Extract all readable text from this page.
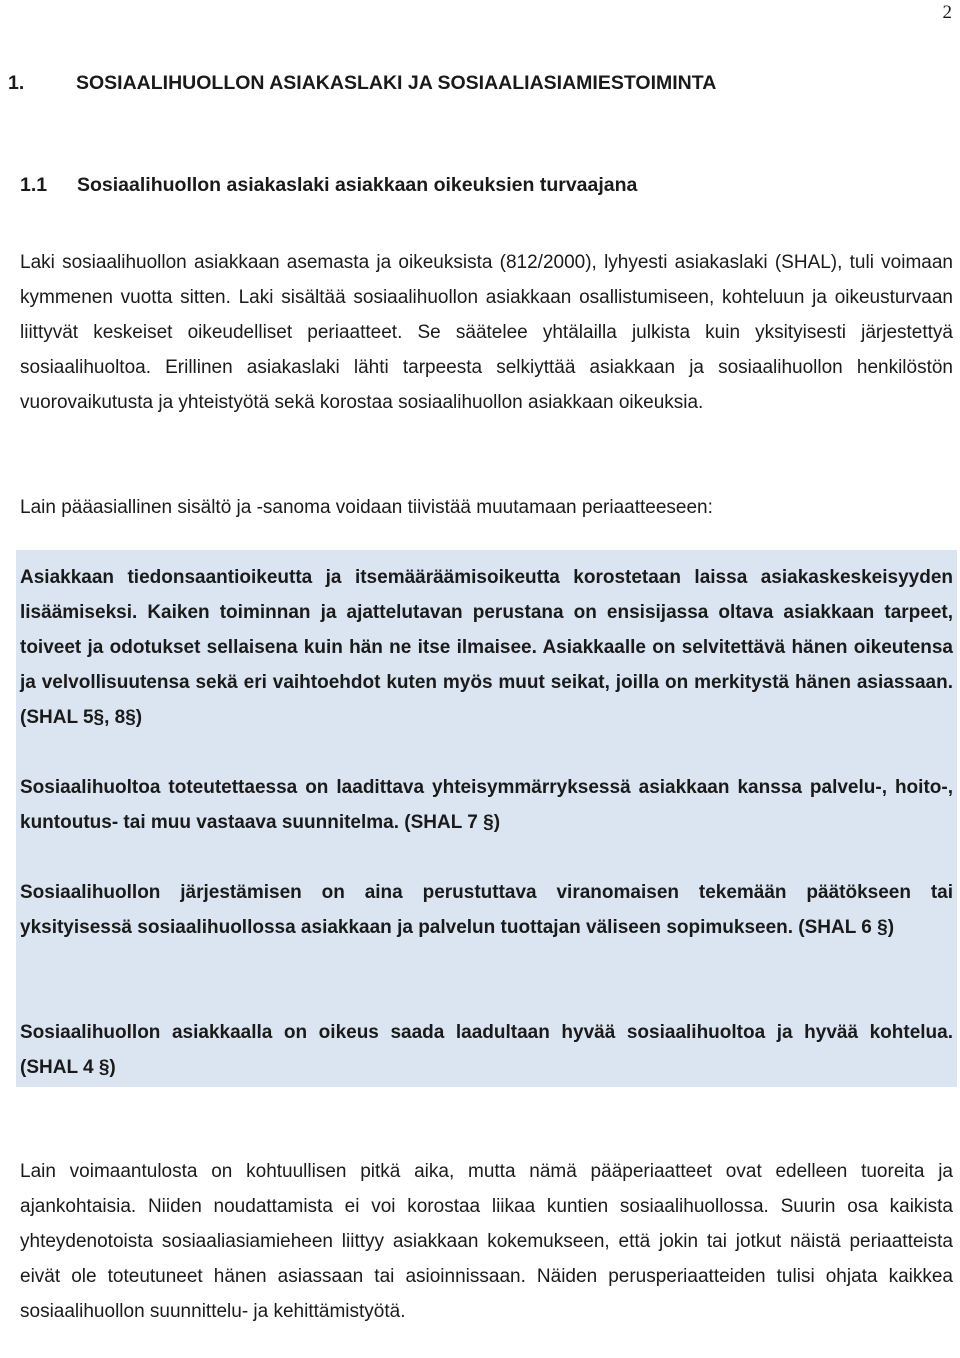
2
1.	SOSIAALIHUOLLON ASIAKASLAKI JA SOSIAALIASIAMIESTOIMINTA
1.1 Sosiaalihuollon asiakaslaki asiakkaan oikeuksien turvaajana

Laki sosiaalihuollon asiakkaan asemasta ja oikeuksista (812/2000), lyhyesti asiakaslaki (SHAL), tuli voimaan kymmenen vuotta sitten. Laki sisältää sosiaalihuollon asiakkaan osallistumiseen, kohteluun ja oikeusturvaan liittyvät keskeiset oikeudelliset periaatteet. Se säätelee yhtälailla julkista kuin yksityisesti järjestettyä sosiaalihuoltoa. Erillinen asiakaslaki lähti tarpeesta selkiyttää asiakkaan ja sosiaalihuollon henkilöstön vuorovaikutusta ja yhteistyötä sekä korostaa sosiaalihuollon asiakkaan oikeuksia.

Lain pääasiallinen sisältö ja -sanoma voidaan tiivistää muutamaan periaatteeseen:

Asiakkaan tiedonsaantioikeutta ja itsemääräämisoikeutta korostetaan laissa asiakaskeskeisyyden lisäämiseksi. Kaiken toiminnan ja ajattelutavan perustana on ensisijassa oltava asiakkaan tarpeet, toiveet ja odotukset sellaisena kuin hän ne itse ilmaisee. Asiakkaalle on selvitettävä hänen oikeutensa ja velvollisuutensa sekä eri vaihtoehdot kuten myös muut seikat, joilla on merkitystä hänen asiassaan. (SHAL 5§, 8§)

Sosiaalihuoltoa toteutettaessa on laadittava yhteisymmärryksessä asiakkaan kanssa palvelu-, hoito-, kuntoutus- tai muu vastaava suunnitelma. (SHAL 7 §)

Sosiaalihuollon järjestämisen on aina perustuttava viranomaisen tekemään päätökseen tai yksityisessä sosiaalihuollossa asiakkaan ja palvelun tuottajan väliseen sopimukseen. (SHAL 6 §)

Sosiaalihuollon asiakkaalla on oikeus saada laadultaan hyvää sosiaalihuoltoa ja hyvää kohtelua. (SHAL 4 §)

Lain voimaantulosta on kohtuullisen pitkä aika, mutta nämä pääperiaatteet ovat edelleen tuoreita ja ajankohtaisia. Niiden noudattamista ei voi korostaa liikaa kuntien sosiaalihuollossa. Suurin osa kaikista yhteydenotoista sosiaaliasiamieheen liittyy asiakkaan kokemukseen, että jokin tai jotkut näistä periaatteista eivät ole toteutuneet hänen asiassaan tai asioinnissaan. Näiden perusperiaatteiden tulisi ohjata kaikkea sosiaalihuollon suunnittelu- ja kehittämistyötä.
